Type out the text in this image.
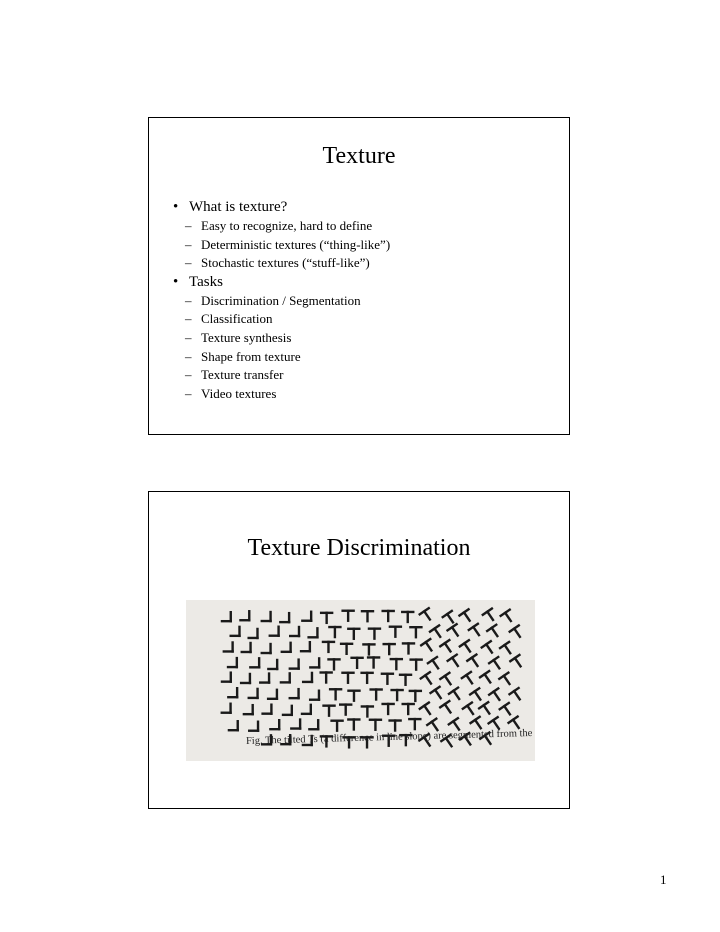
Texture
• What is texture?
– Easy to recognize, hard to define
– Deterministic textures (“thing-like”)
– Stochastic textures (“stuff-like”)
• Tasks
– Discrimination / Segmentation
– Classification
– Texture synthesis
– Shape from texture
– Texture transfer
– Video textures
Texture Discrimination
Fig. The tilted Ts (a difference in line slope) are segmented from the
1
